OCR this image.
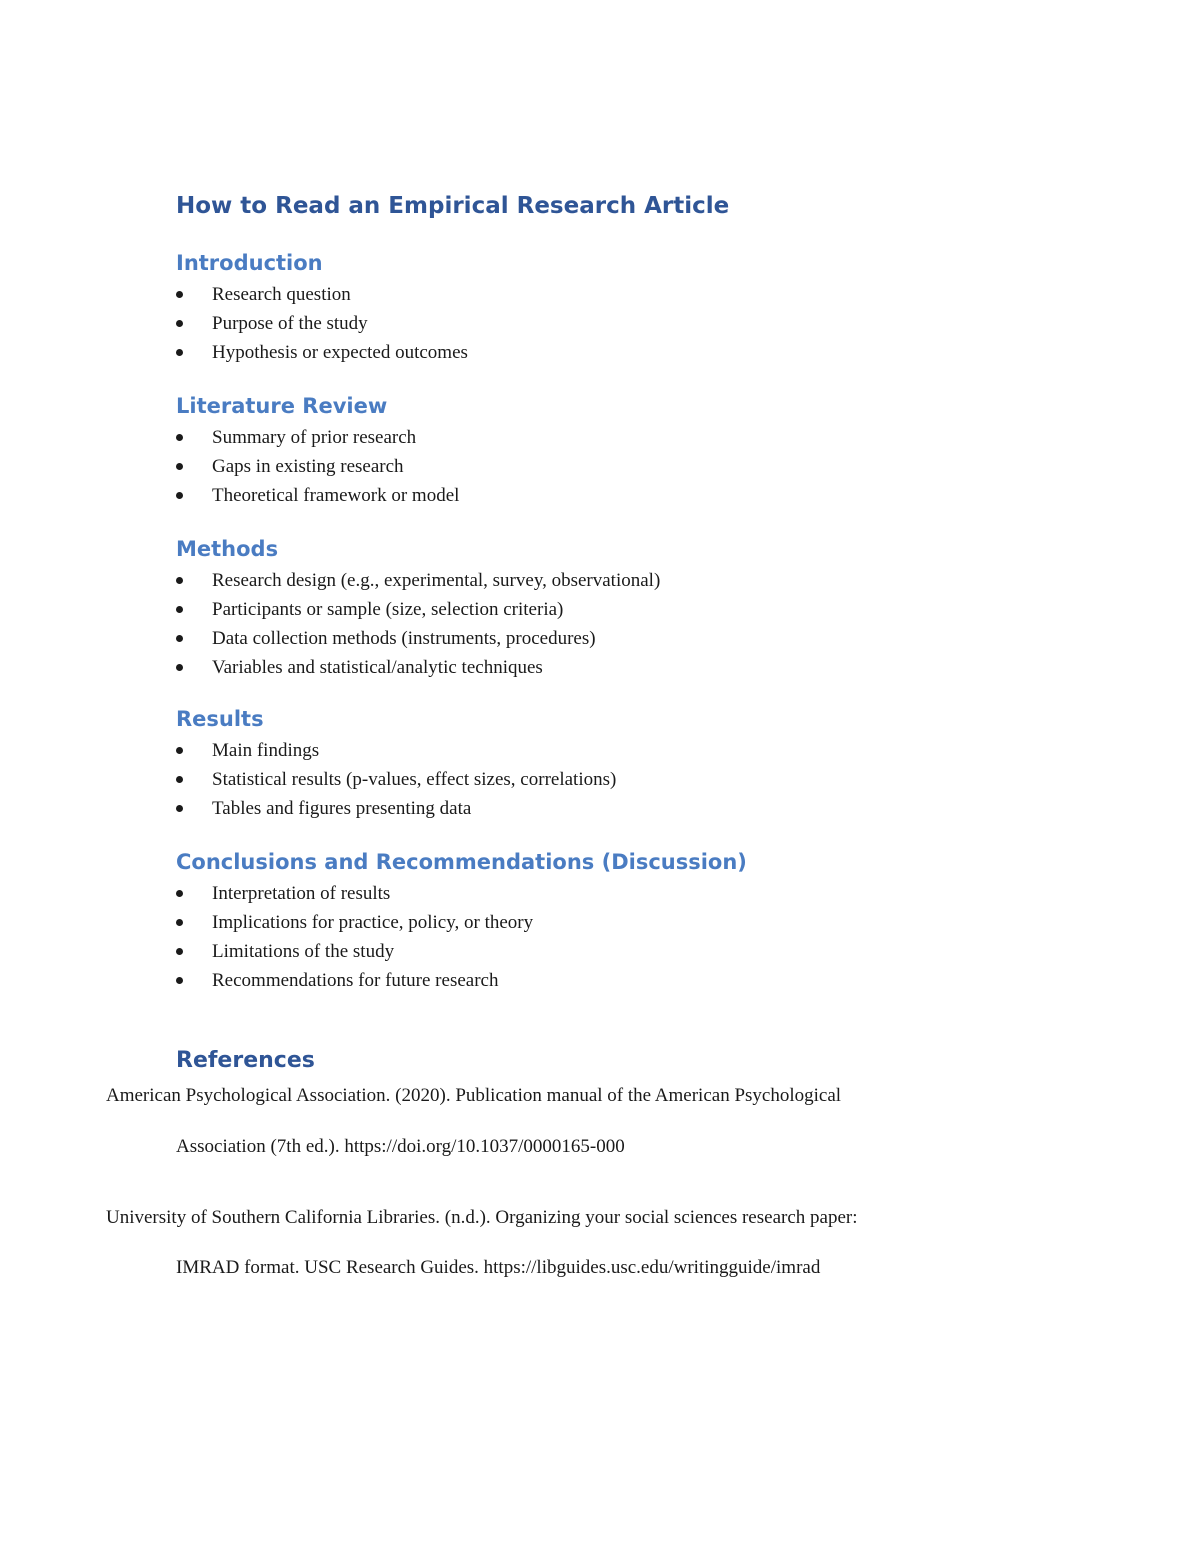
How to Read an Empirical Research Article
Introduction
Research question
Purpose of the study
Hypothesis or expected outcomes
Literature Review
Summary of prior research
Gaps in existing research
Theoretical framework or model
Methods
Research design (e.g., experimental, survey, observational)
Participants or sample (size, selection criteria)
Data collection methods (instruments, procedures)
Variables and statistical/analytic techniques
Results
Main findings
Statistical results (p-values, effect sizes, correlations)
Tables and figures presenting data
Conclusions and Recommendations (Discussion)
Interpretation of results
Implications for practice, policy, or theory
Limitations of the study
Recommendations for future research
References
American Psychological Association. (2020). Publication manual of the American Psychological
Association (7th ed.). https://doi.org/10.1037/0000165-000
University of Southern California Libraries. (n.d.). Organizing your social sciences research paper:
IMRAD format. USC Research Guides. https://libguides.usc.edu/writingguide/imrad
